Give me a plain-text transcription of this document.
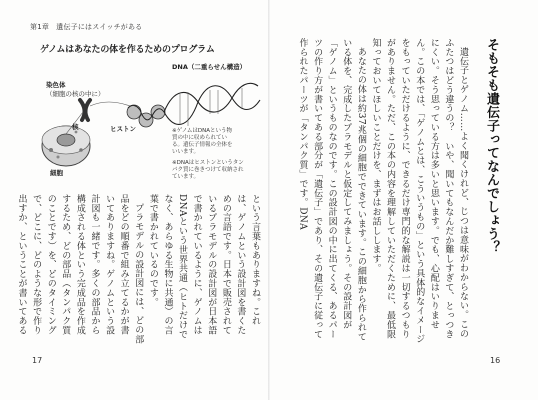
第1章　遺伝子にはスイッチがある
ゲノムはあなたの体を作るためのプログラム
DNA（二重らせん構造）
染色体
（細胞の核の中に）
核	ヒストン
細胞
※ゲノムはDNAという物質の中に収められている。遺伝子情報の全体をいいます。
※DNAはヒストンというタンパク質に巻きつけて収納されています。

という言葉もありますね。これは、ゲノムという設計図を書くための言語です。日本で販売されているプラモデルの設計図が日本語で書かれているように、ゲノムはDNAという世界共通（ヒトだけでなく、あらゆる生物に共通）の言葉で書かれているのです。

プラモデルの設計図には、どの部品をどの順番で組み立てるかが書いてありますね。ゲノムという設計図も一緒です。多くの部品から構成される体という完成品を作成するため、どの部品（タンパク質のことです）を、どのタイミングで、どこに、どのような形で作り出すか、ということが書いてある

17
そもそも遺伝子ってなんでしょう？

遺伝子とゲノム……よく聞くけれど、じつは意味がわからない。このふたつはどう違うの？　いや、聞いてもなんだか難しすぎて、とっつきにくい。そう思っている方は多いと思います。でも、心配はいりません。この本では、「ゲノムとは、こういうもの」という具体的なイメージをもっていただけるように、できるだけ専門的な解説は一切するつもりがありません。ただ、この本の内容を理解していただくために、最低限知っておいてほしいことだけを、まずはお話しします。

あなたの体は約37兆個の細胞でできています。この細胞から作られている体を、完成したプラモデルと仮定してみましょう。その設計図が「ゲノム」というものなのです。この設計図の中に出てくる、あるパーツの作り方が書いてある部分が「遺伝子」であり、その遺伝子に従って作られたパーツが「タンパク質」です。DNA

16
